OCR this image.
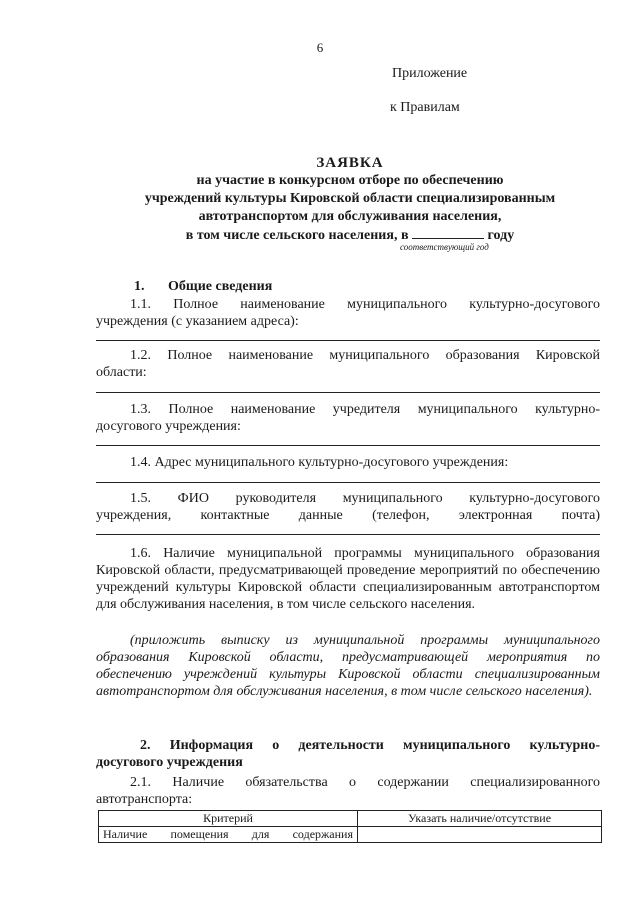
6
Приложение
к Правилам
ЗАЯВКА
на участие в конкурсном отборе по обеспечению
учреждений культуры Кировской области специализированным
автотранспортом для обслуживания населения,
в том числе сельского населения, в	году
соответствующий год
1. Общие сведения
1.1. Полное наименование муниципального культурно-досугового
учреждения (с указанием адреса):
1.2. Полное наименование муниципального образования Кировской
области:
1.3. Полное наименование учредителя муниципального культурно-
досугового учреждения:
1.4. Адрес муниципального культурно-досугового учреждения:
1.5. ФИО руководителя муниципального культурно-досугового
учреждения, контактные данные (телефон, электронная почта)
1.6. Наличие муниципальной программы муниципального образования Кировской области, предусматривающей проведение мероприятий по обеспечению учреждений культуры Кировской области специализированным автотранспортом для обслуживания населения, в том числе сельского населения.
(приложить выписку из муниципальной программы муниципального образования Кировской области, предусматривающей мероприятия по обеспечению учреждений культуры Кировской области специализированным автотранспортом для обслуживания населения, в том числе сельского населения).
2. Информация о деятельности муниципального культурно-
досугового учреждения
2.1. Наличие обязательства о содержании специализированного
автотранспорта:
Критерий	Указать наличие/отсутствие
Наличие помещения для содержания	
